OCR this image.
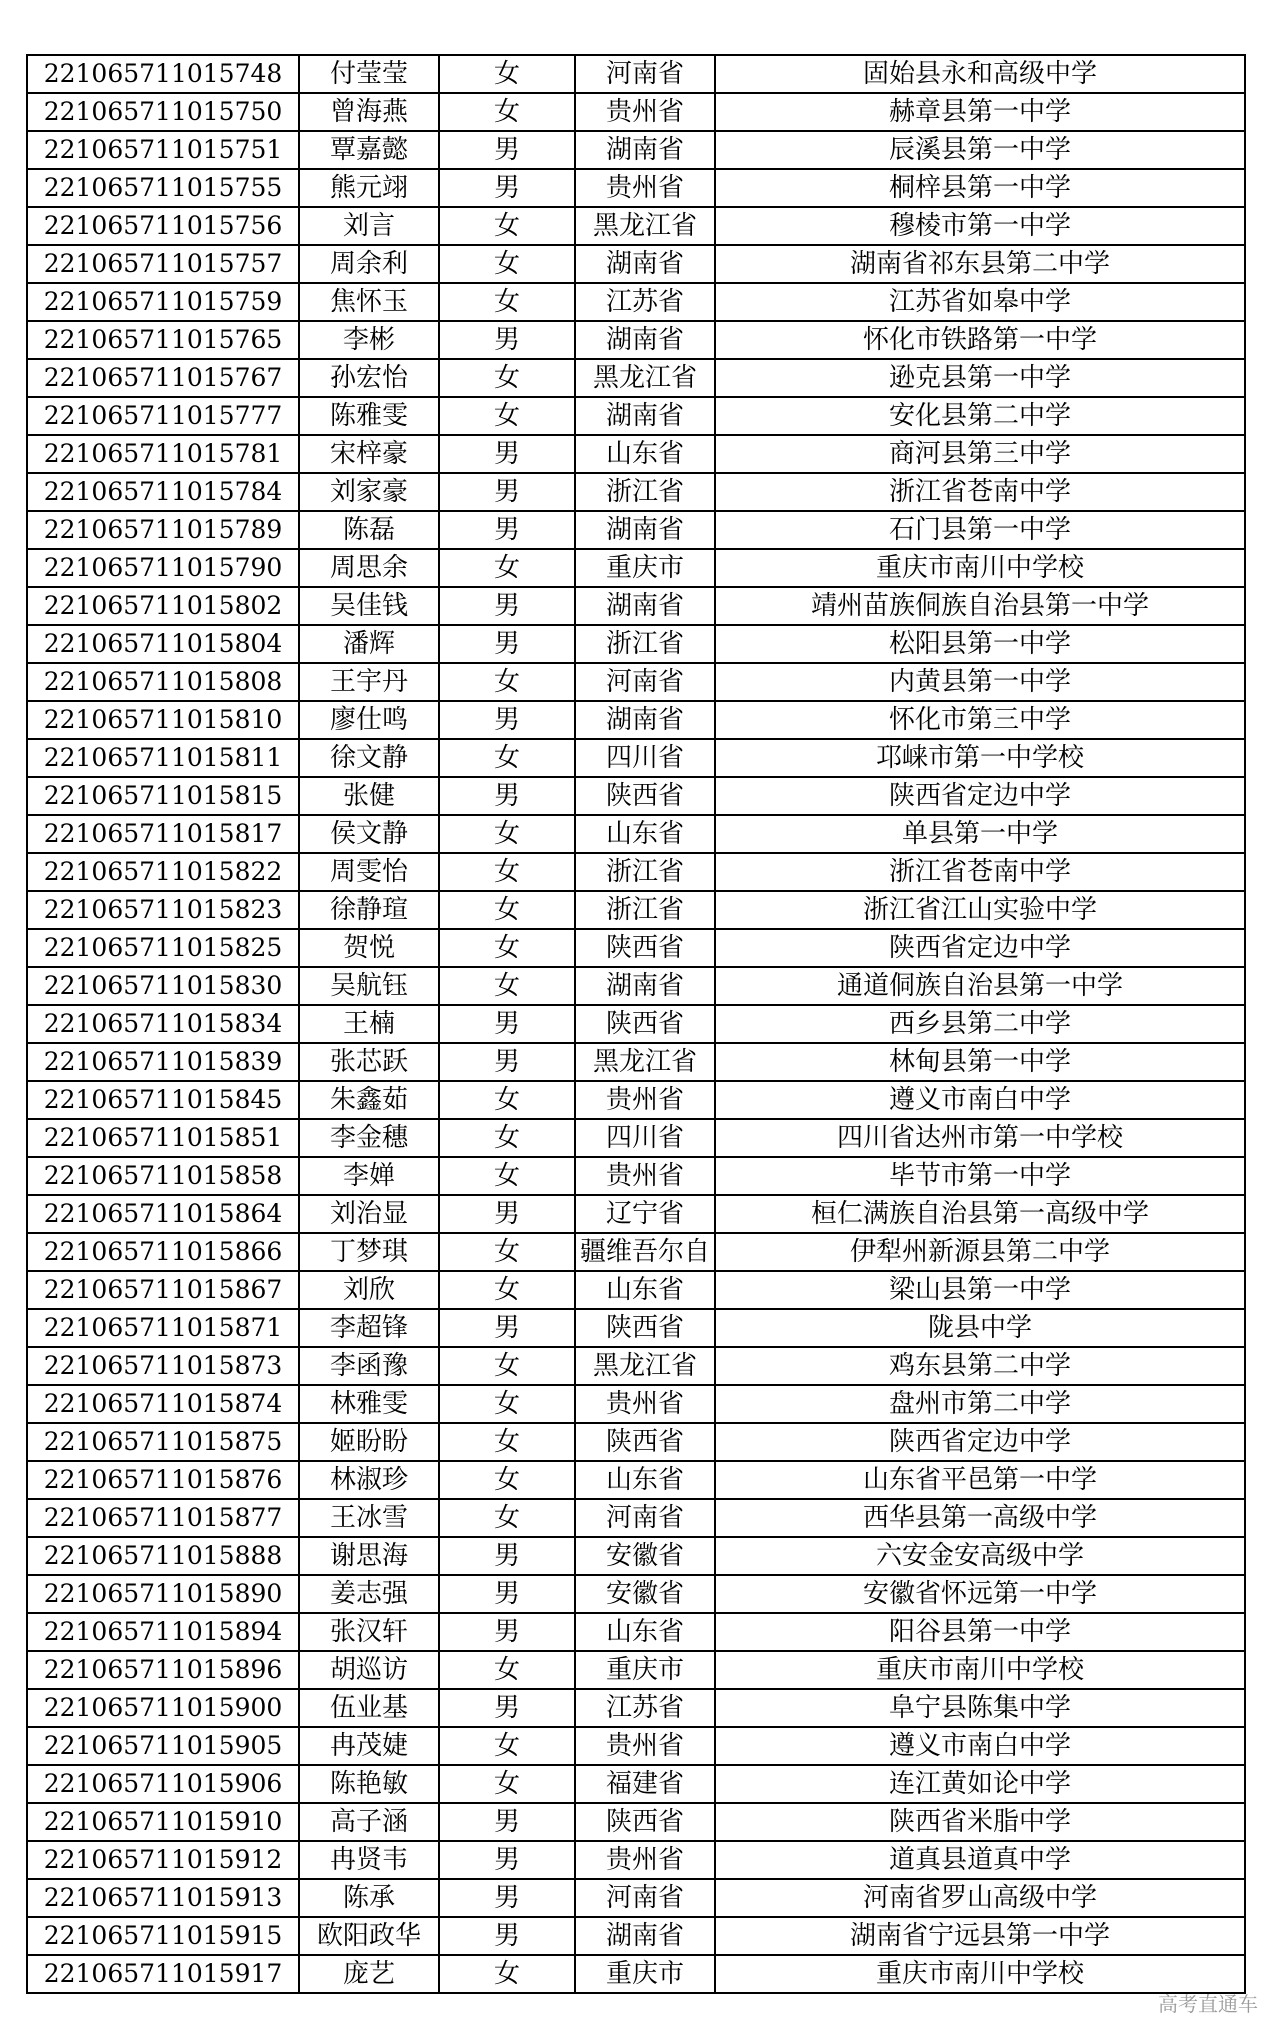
221065711015748	付莹莹	女	河南省	固始县永和高级中学
221065711015750	曾海燕	女	贵州省	赫章县第一中学
221065711015751	覃嘉懿	男	湖南省	辰溪县第一中学
221065711015755	熊元翊	男	贵州省	桐梓县第一中学
221065711015756	刘言	女	黑龙江省	穆棱市第一中学
221065711015757	周余利	女	湖南省	湖南省祁东县第二中学
221065711015759	焦怀玉	女	江苏省	江苏省如皋中学
221065711015765	李彬	男	湖南省	怀化市铁路第一中学
221065711015767	孙宏怡	女	黑龙江省	逊克县第一中学
221065711015777	陈雅雯	女	湖南省	安化县第二中学
221065711015781	宋梓豪	男	山东省	商河县第三中学
221065711015784	刘家豪	男	浙江省	浙江省苍南中学
221065711015789	陈磊	男	湖南省	石门县第一中学
221065711015790	周思余	女	重庆市	重庆市南川中学校
221065711015802	吴佳钱	男	湖南省	靖州苗族侗族自治县第一中学
221065711015804	潘辉	男	浙江省	松阳县第一中学
221065711015808	王宇丹	女	河南省	内黄县第一中学
221065711015810	廖仕鸣	男	湖南省	怀化市第三中学
221065711015811	徐文静	女	四川省	邛崃市第一中学校
221065711015815	张健	男	陕西省	陕西省定边中学
221065711015817	侯文静	女	山东省	单县第一中学
221065711015822	周雯怡	女	浙江省	浙江省苍南中学
221065711015823	徐静瑄	女	浙江省	浙江省江山实验中学
221065711015825	贺悦	女	陕西省	陕西省定边中学
221065711015830	吴航钰	女	湖南省	通道侗族自治县第一中学
221065711015834	王楠	男	陕西省	西乡县第二中学
221065711015839	张芯跃	男	黑龙江省	林甸县第一中学
221065711015845	朱鑫茹	女	贵州省	遵义市南白中学
221065711015851	李金穗	女	四川省	四川省达州市第一中学校
221065711015858	李婵	女	贵州省	毕节市第一中学
221065711015864	刘治显	男	辽宁省	桓仁满族自治县第一高级中学
221065711015866	丁梦琪	女	疆维吾尔自	伊犁州新源县第二中学
221065711015867	刘欣	女	山东省	梁山县第一中学
221065711015871	李超锋	男	陕西省	陇县中学
221065711015873	李函豫	女	黑龙江省	鸡东县第二中学
221065711015874	林雅雯	女	贵州省	盘州市第二中学
221065711015875	姬盼盼	女	陕西省	陕西省定边中学
221065711015876	林淑珍	女	山东省	山东省平邑第一中学
221065711015877	王冰雪	女	河南省	西华县第一高级中学
221065711015888	谢思海	男	安徽省	六安金安高级中学
221065711015890	姜志强	男	安徽省	安徽省怀远第一中学
221065711015894	张汉轩	男	山东省	阳谷县第一中学
221065711015896	胡巡访	女	重庆市	重庆市南川中学校
221065711015900	伍业基	男	江苏省	阜宁县陈集中学
221065711015905	冉茂婕	女	贵州省	遵义市南白中学
221065711015906	陈艳敏	女	福建省	连江黄如论中学
221065711015910	高子涵	男	陕西省	陕西省米脂中学
221065711015912	冉贤韦	男	贵州省	道真县道真中学
221065711015913	陈承	男	河南省	河南省罗山高级中学
221065711015915	欧阳政华	男	湖南省	湖南省宁远县第一中学
221065711015917	庞艺	女	重庆市	重庆市南川中学校
高考直通车
